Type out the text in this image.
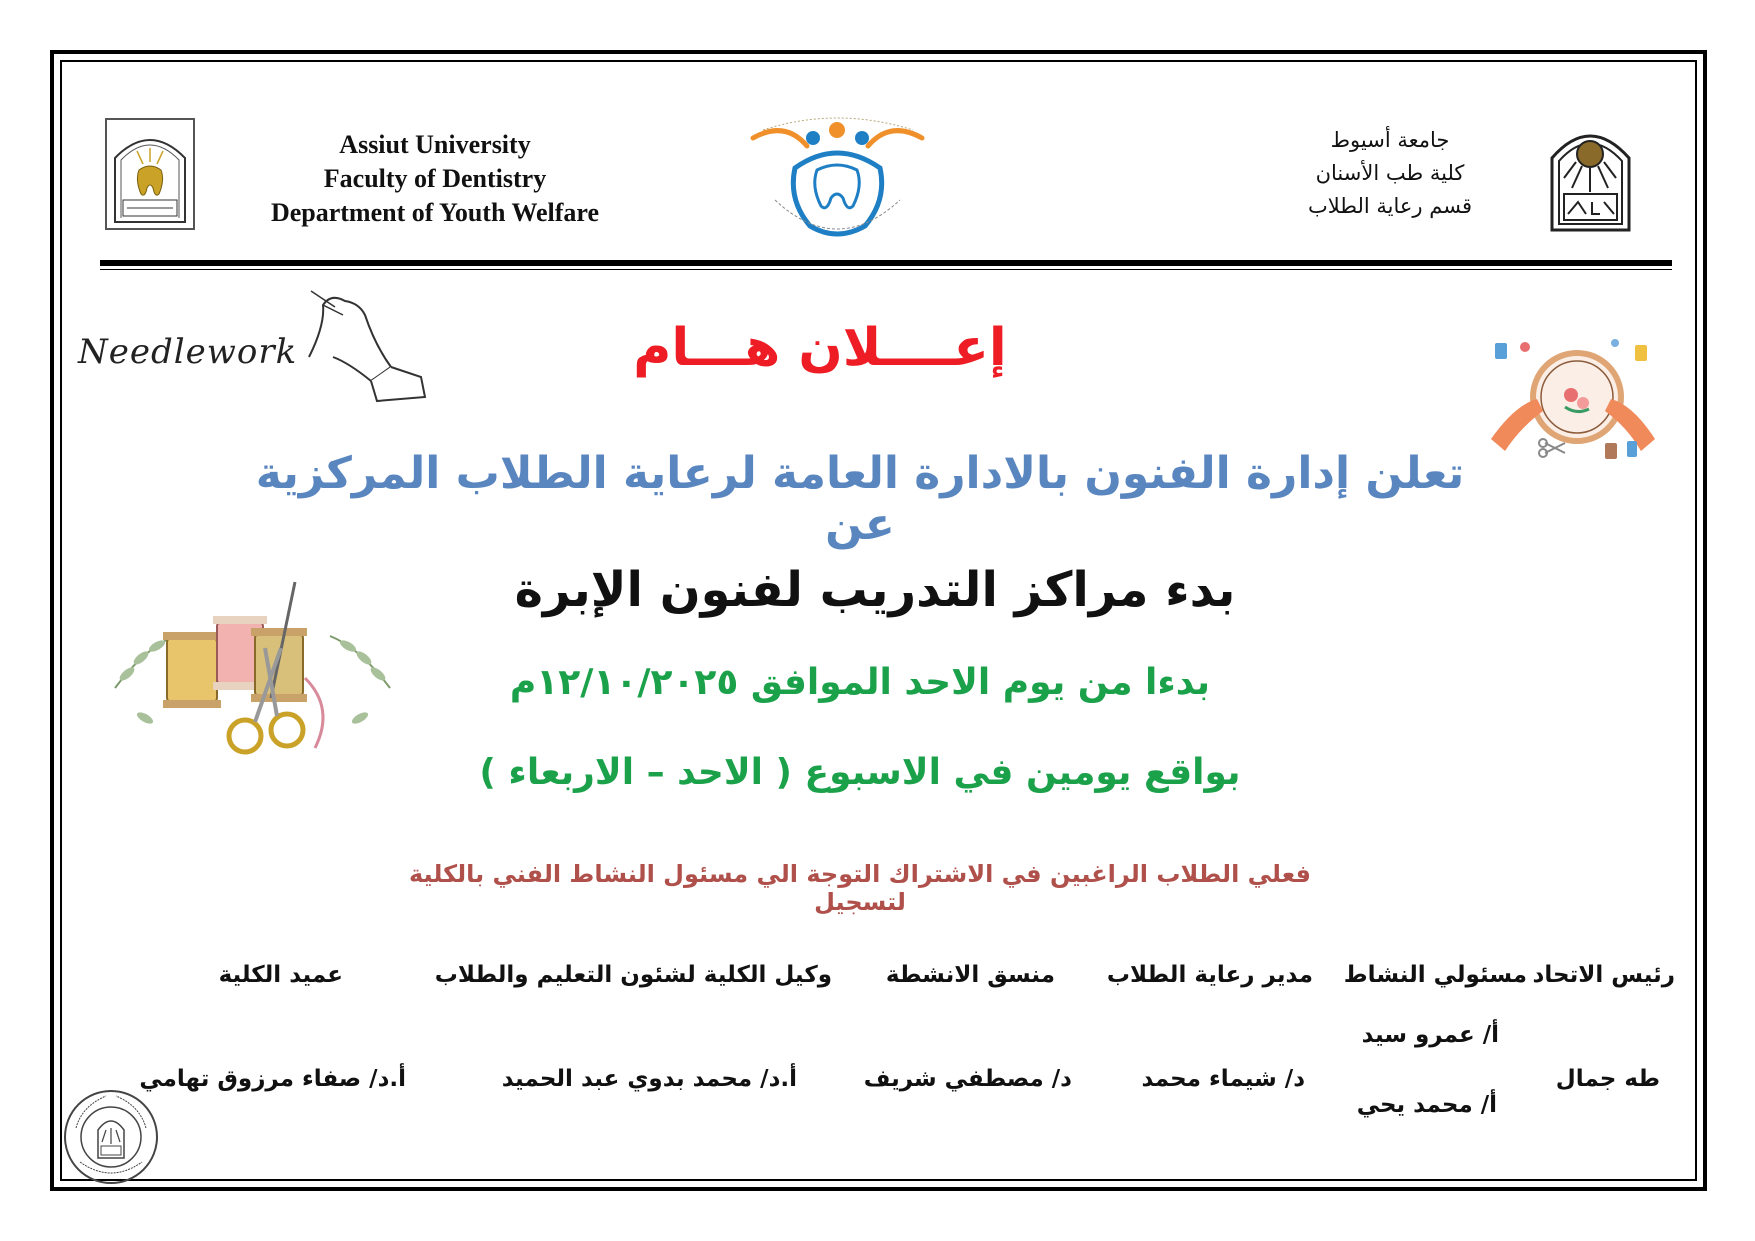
Assiut University
Faculty of Dentistry
Department of Youth Welfare
جامعة أسيوط
كلية طب الأسنان
قسم رعاية الطلاب
Needlework	إعــــلان هـــام
تعلن إدارة الفنون بالادارة العامة لرعاية الطلاب المركزية عن
بدء مراكز التدريب لفنون الإبرة
بدءا من يوم الاحد الموافق ١٢/١٠/٢٠٢٥م
بواقع يومين في الاسبوع ( الاحد – الاربعاء )
فعلي الطلاب الراغبين في الاشتراك التوجة الي مسئول النشاط الفني بالكلية لتسجيل
رئيس الاتحاد
مسئولي النشاط
مدير رعاية الطلاب
منسق الانشطة
وكيل الكلية لشئون التعليم والطلاب
عميد الكلية
أ/ عمرو سيد
طه جمال
د/ شيماء محمد
د/ مصطفي شريف
أ.د/ محمد بدوي عبد الحميد
أ.د/ صفاء مرزوق تهامي
أ/ محمد يحي
